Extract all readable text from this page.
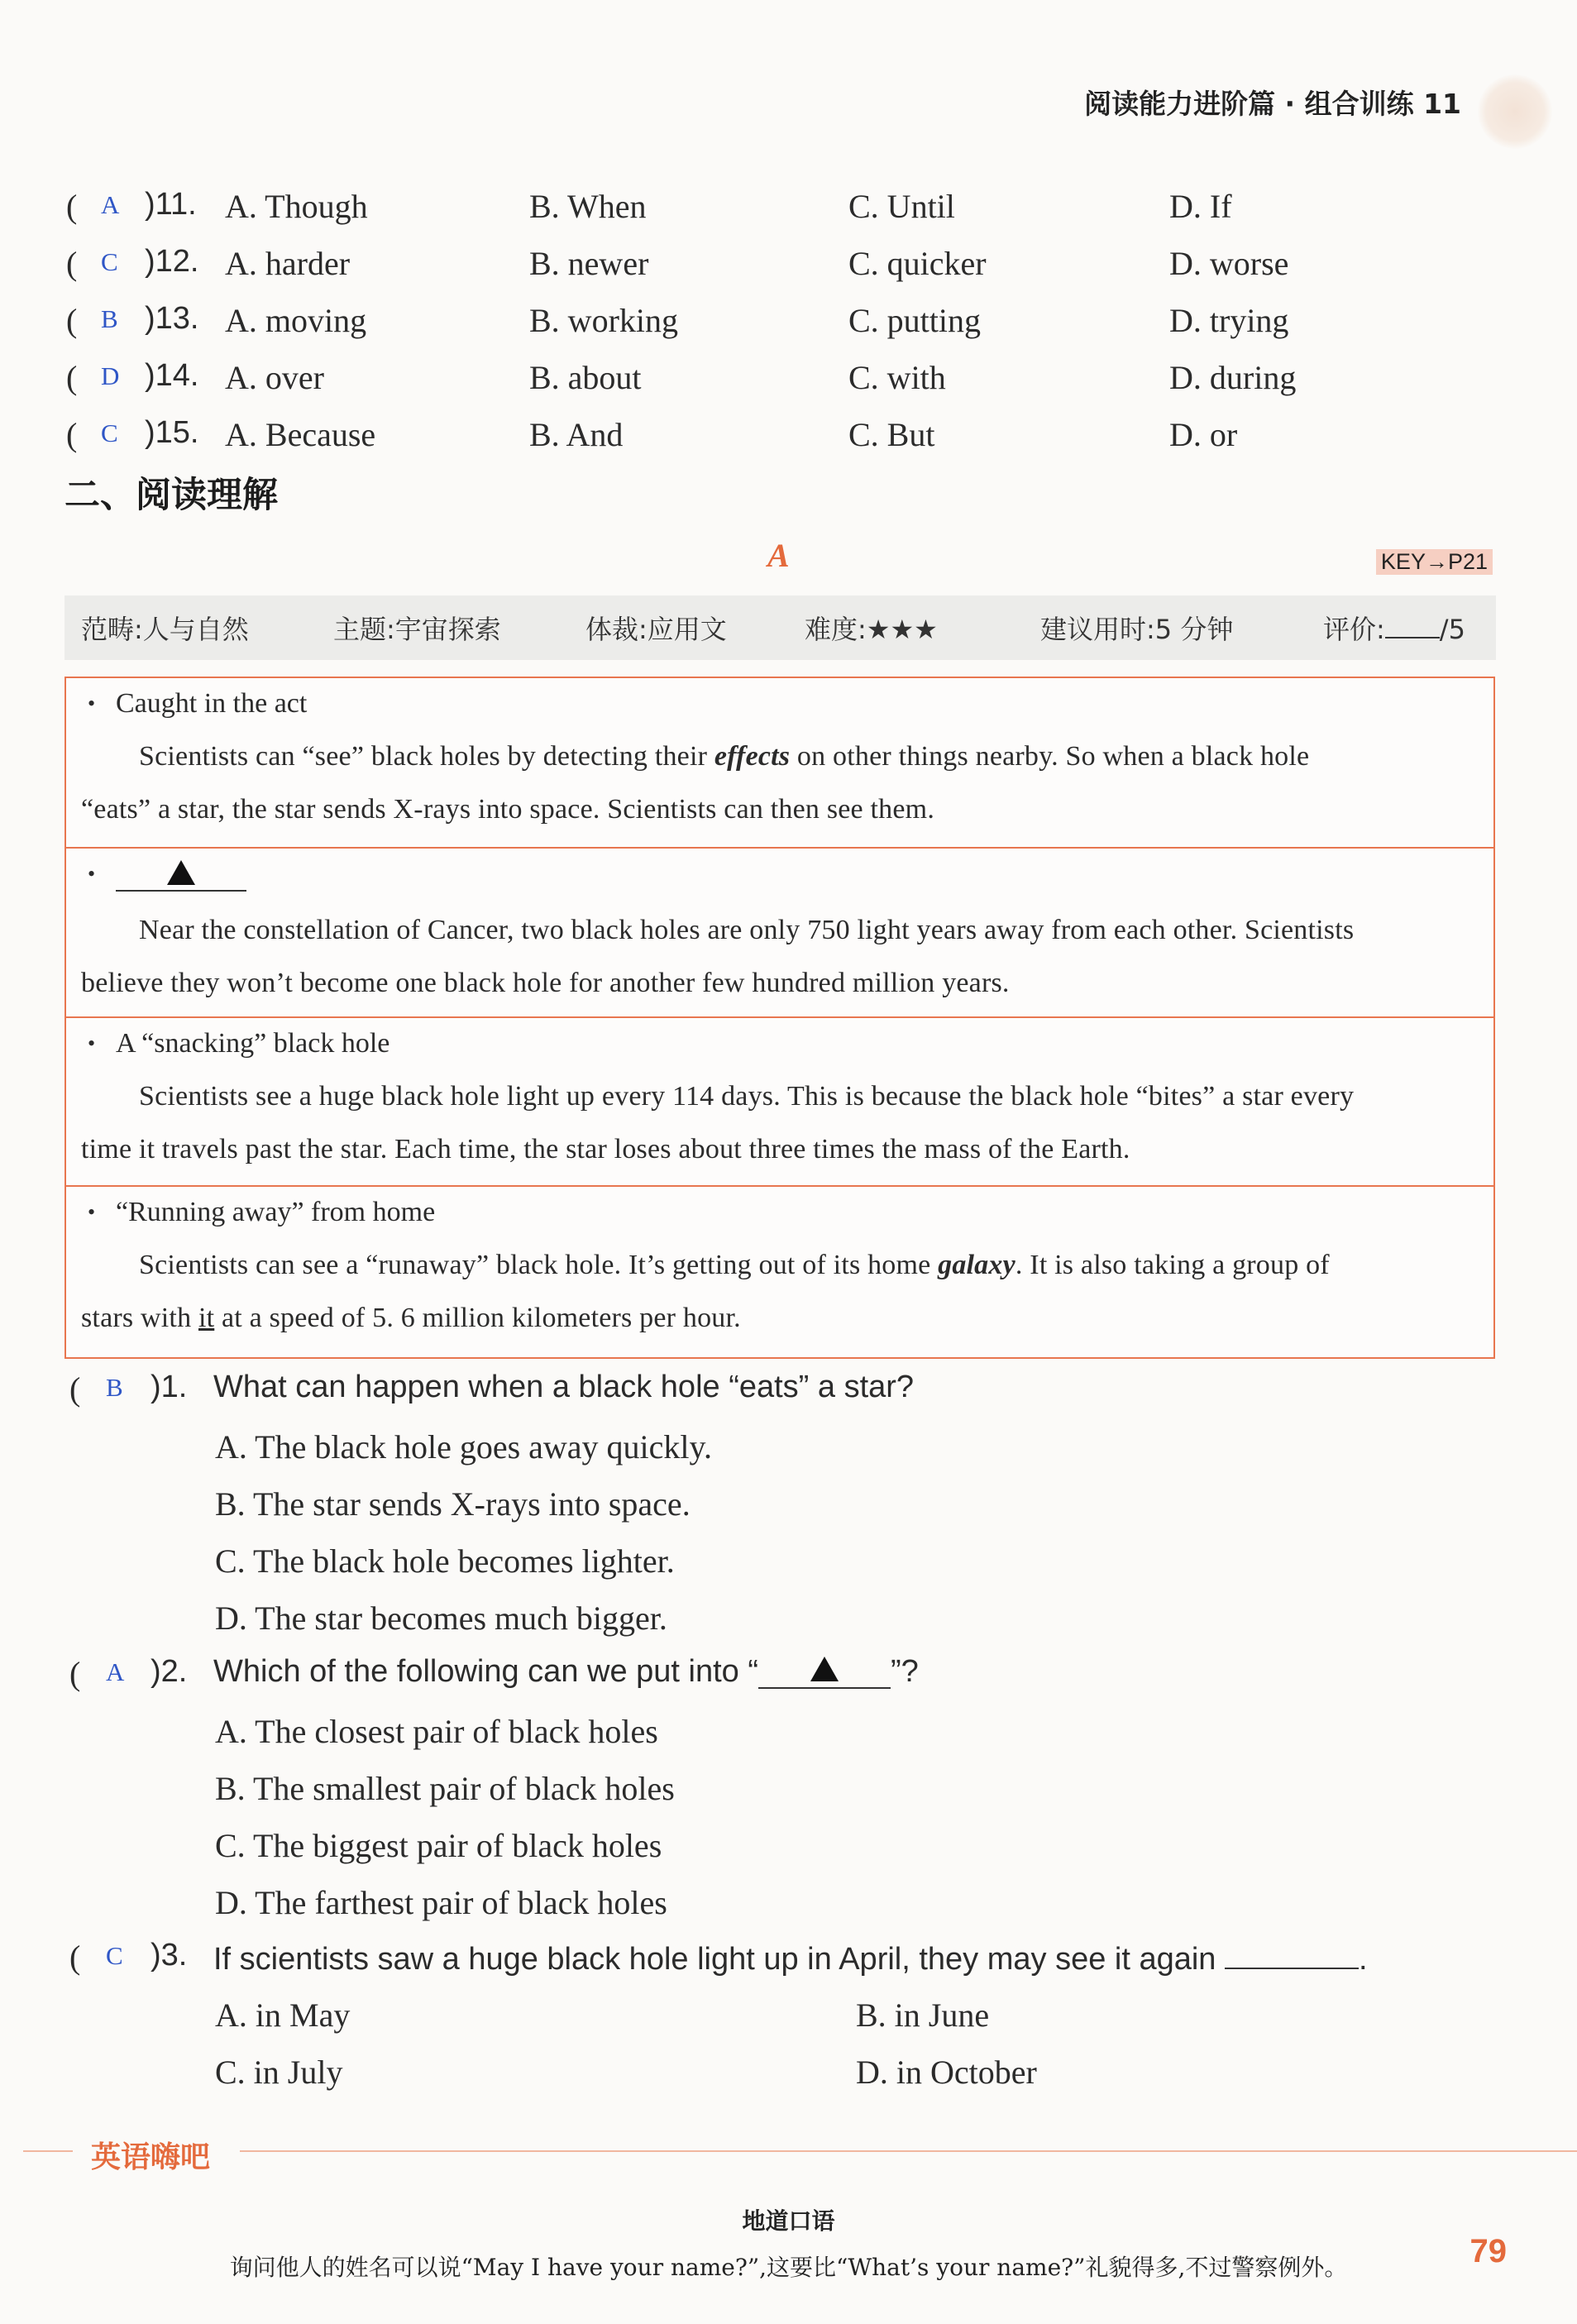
阅读能力进阶篇 · 组合训练 11
( A )11. A. Though	B. When	C. Until	D. If
( C )12. A. harder	B. newer	C. quicker	D. worse
( B )13. A. moving	B. working	C. putting	D. trying
( D )14. A. over	B. about	C. with	D. during
( C )15. A. Because	B. And	C. But	D. or
二、阅读理解
A	KEY→P21
范畴:人与自然	主题:宇宙探索	体裁:应用文	难度:★★★	建议用时:5 分钟	评价: /5
• Caught in the act
Scientists can “see” black holes by detecting their effects on other things nearby. So when a black hole
“eats” a star, the star sends X-rays into space. Scientists can then see them.
•
Near the constellation of Cancer, two black holes are only 750 light years away from each other. Scientists
believe they won’t become one black hole for another few hundred million years.
• A “snacking” black hole
Scientists see a huge black hole light up every 114 days. This is because the black hole “bites” a star every
time it travels past the star. Each time, the star loses about three times the mass of the Earth.
• “Running away” from home
Scientists can see a “runaway” black hole. It’s getting out of its home galaxy. It is also taking a group of
stars with it at a speed of 5. 6 million kilometers per hour.
( B )1. What can happen when a black hole “eats” a star?
A. The black hole goes away quickly.
B. The star sends X-rays into space.
C. The black hole becomes lighter.
D. The star becomes much bigger.
( A )2. Which of the following can we put into “	”?
A. The closest pair of black holes
B. The smallest pair of black holes
C. The biggest pair of black holes
D. The farthest pair of black holes
( C )3. If scientists saw a huge black hole light up in April, they may see it again	.
A. in May	B. in June
C. in July	D. in October
英语嗨吧
地道口语
询问他人的姓名可以说“May I have your name?”,这要比“What’s your name?”礼貌得多,不过警察例外。	79
